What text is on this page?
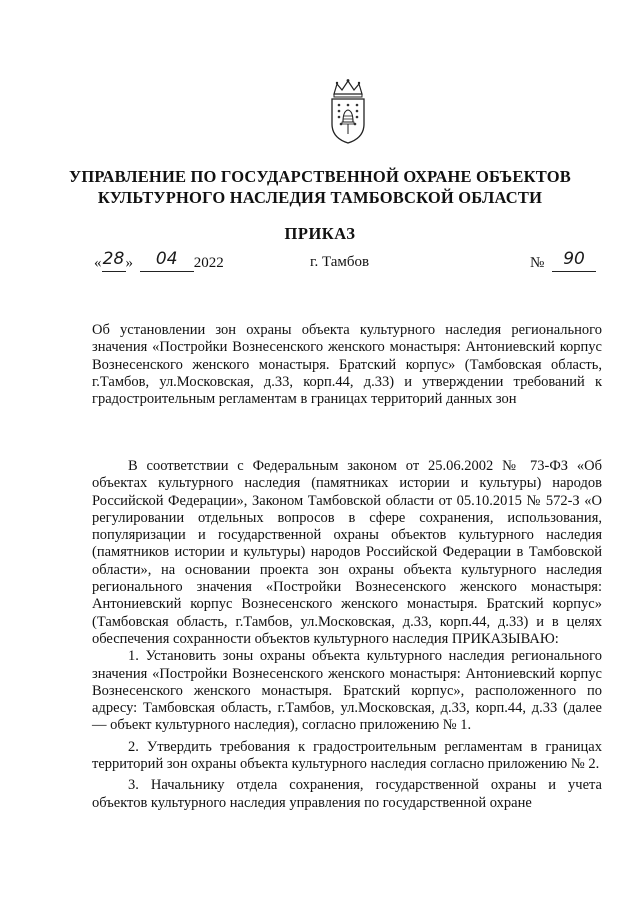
УПРАВЛЕНИЕ ПО ГОСУДАРСТВЕННОЙ ОХРАНЕ ОБЪЕКТОВ
КУЛЬТУРНОГО НАСЛЕДИЯ ТАМБОВСКОЙ ОБЛАСТИ
ПРИКАЗ
«28» 04 2022	г. Тамбов	№ 90
Об установлении зон охраны объекта культурного наследия регионального значения «Постройки Вознесенского женского монастыря: Антониевский корпус Вознесенского женского монастыря. Братский корпус» (Тамбовская область, г.Тамбов, ул.Московская, д.33, корп.44, д.33) и утверждении требований к градостроительным регламентам в границах территорий данных зон

В соответствии с Федеральным законом от 25.06.2002 № 73-ФЗ «Об объектах культурного наследия (памятниках истории и культуры) народов Российской Федерации», Законом Тамбовской области от 05.10.2015 № 572-З «О регулировании отдельных вопросов в сфере сохранения, использования, популяризации и государственной охраны объектов культурного наследия (памятников истории и культуры) народов Российской Федерации в Тамбовской области», на основании проекта зон охраны объекта культурного наследия регионального значения «Постройки Вознесенского женского монастыря: Антониевский корпус Вознесенского женского монастыря. Братский корпус» (Тамбовская область, г.Тамбов, ул.Московская, д.33, корп.44, д.33) и в целях обеспечения сохранности объектов культурного наследия ПРИКАЗЫВАЮ:

1. Установить зоны охраны объекта культурного наследия регионального значения «Постройки Вознесенского женского монастыря: Антониевский корпус Вознесенского женского монастыря. Братский корпус», расположенного по адресу: Тамбовская область, г.Тамбов, ул.Московская, д.33, корп.44, д.33 (далее — объект культурного наследия), согласно приложению № 1.

2. Утвердить требования к градостроительным регламентам в границах территорий зон охраны объекта культурного наследия согласно приложению № 2.

3. Начальнику отдела сохранения, государственной охраны и учета объектов культурного наследия управления по государственной охране
